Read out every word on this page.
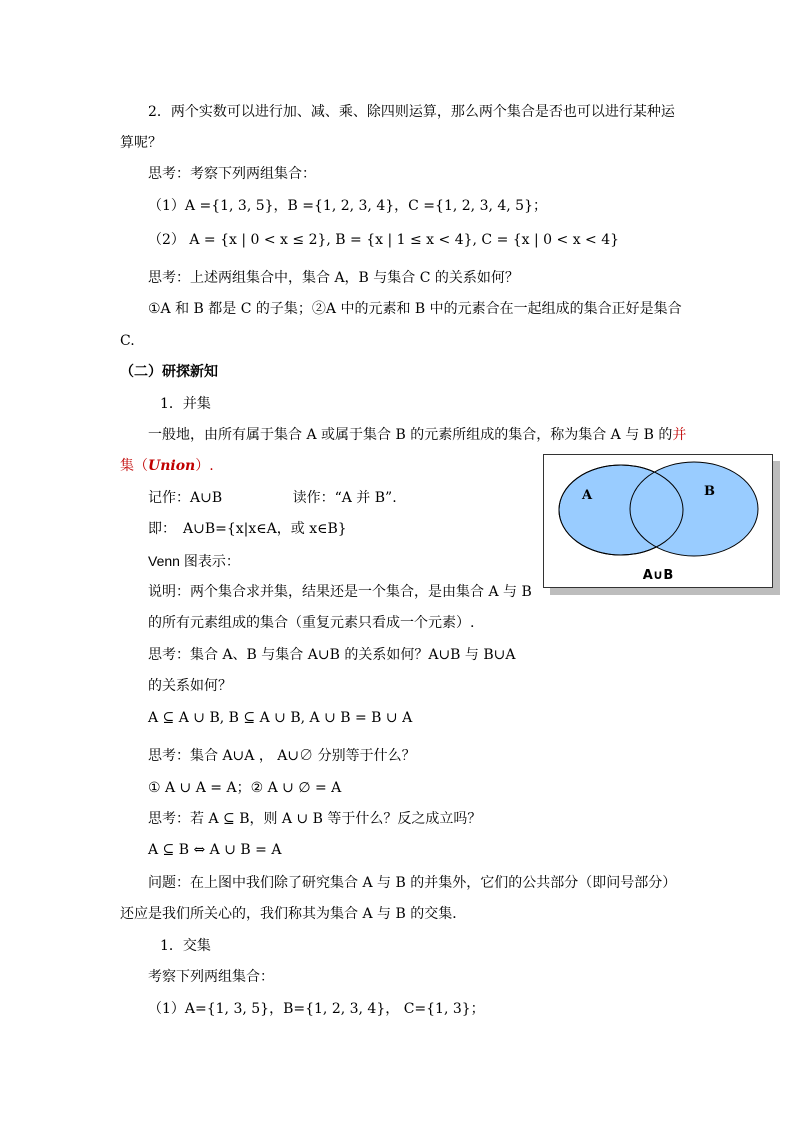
2．两个实数可以进行加、减、乘、除四则运算，那么两个集合是否也可以进行某种运
算呢？
思考：考察下列两组集合：
（1）A ={1, 3, 5}，B ={1, 2, 3, 4}，C ={1, 2, 3, 4, 5}；
（2） A = {x | 0 < x ≤ 2}, B = {x | 1 ≤ x < 4}, C = {x | 0 < x < 4}
思考：上述两组集合中，集合 A，B 与集合 C 的关系如何？
①A 和 B 都是 C 的子集；②A 中的元素和 B 中的元素合在一起组成的集合正好是集合
C.
（二）研探新知
1．并集
一般地，由所有属于集合 A 或属于集合 B 的元素所组成的集合，称为集合 A 与 B 的并
集（Union）.
记作：A∪B	读作：“A 并 B”.
即：　A∪B={x|x∈A，或 x∈B}
Venn 图表示：
说明：两个集合求并集，结果还是一个集合，是由集合 A 与 B
的所有元素组成的集合（重复元素只看成一个元素）.
思考：集合 A、B 与集合 A∪B 的关系如何？A∪B 与 B∪A
的关系如何？
A ⊆ A ∪ B, B ⊆ A ∪ B, A ∪ B = B ∪ A
思考：集合 A∪A ， A∪∅ 分别等于什么？
① A ∪ A = A；② A ∪ ∅ = A
思考：若 A ⊆ B，则 A ∪ B 等于什么？反之成立吗？
A ⊆ B ⇔ A ∪ B = A
问题：在上图中我们除了研究集合 A 与 B 的并集外，它们的公共部分（即问号部分）
还应是我们所关心的，我们称其为集合 A 与 B 的交集．
1．交集
考察下列两组集合：
（1）A={1, 3, 5}，B={1, 2, 3, 4}， C={1, 3}；
A	B
A∪B
